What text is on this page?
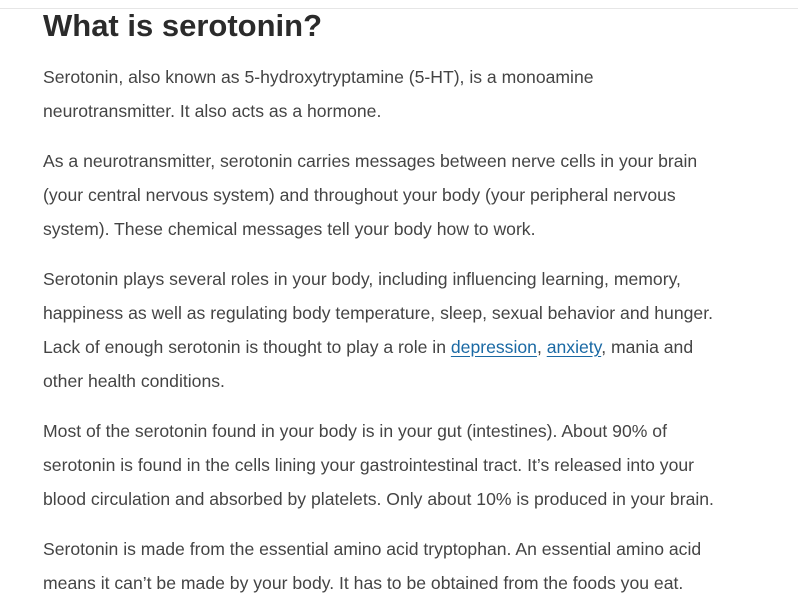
What is serotonin?

Serotonin, also known as 5-hydroxytryptamine (5-HT), is a monoamine
neurotransmitter. It also acts as a hormone.

As a neurotransmitter, serotonin carries messages between nerve cells in your brain
(your central nervous system) and throughout your body (your peripheral nervous
system). These chemical messages tell your body how to work.

Serotonin plays several roles in your body, including influencing learning, memory,
happiness as well as regulating body temperature, sleep, sexual behavior and hunger.
Lack of enough serotonin is thought to play a role in depression, anxiety, mania and
other health conditions.

Most of the serotonin found in your body is in your gut (intestines). About 90% of
serotonin is found in the cells lining your gastrointestinal tract. It’s released into your
blood circulation and absorbed by platelets. Only about 10% is produced in your brain.

Serotonin is made from the essential amino acid tryptophan. An essential amino acid
means it can’t be made by your body. It has to be obtained from the foods you eat.
